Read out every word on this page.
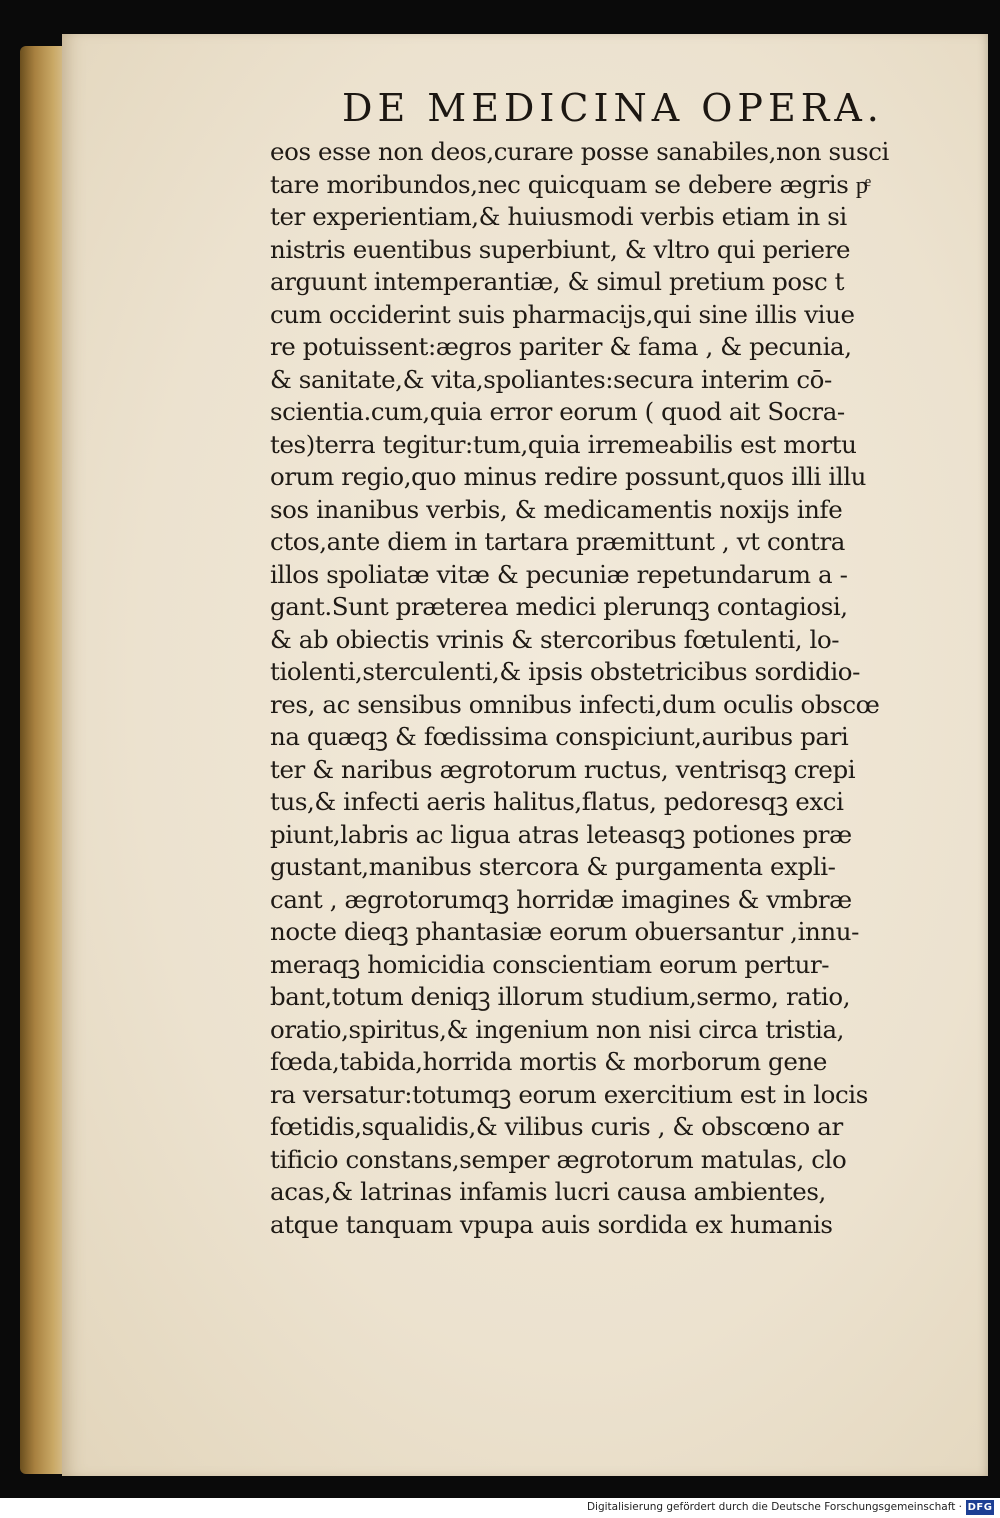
DE MEDICINA OPERA.
eos esse non deos,curare posse sanabiles,non susci
tare moribundos,nec quicquam se debere ægris pͤ
ter experientiam,& huiusmodi verbis etiam in si
nistris euentibus superbiunt, & vltro qui periere
arguunt intemperantiæ, & simul pretium posc t
cum occiderint suis pharmacijs,qui sine illis viue
re potuissent:ægros pariter & fama , & pecunia,
& sanitate,& vita,spoliantes:secura interim cō-
scientia.cum,quia error eorum ( quod ait Socra-
tes)terra tegitur:tum,quia irremeabilis est mortu
orum regio,quo minus redire possunt,quos illi illu
sos inanibus verbis, & medicamentis noxijs infe
ctos,ante diem in tartara præmittunt , vt contra
illos spoliatæ vitæ & pecuniæ repetundarum a -
gant.Sunt præterea medici plerunqꝫ contagiosi,
& ab obiectis vrinis & stercoribus fœtulenti, lo-
tiolenti,sterculenti,& ipsis obstetricibus sordidio-
res, ac sensibus omnibus infecti,dum oculis obscœ
na quæqꝫ & fœdissima conspiciunt,auribus pari
ter & naribus ægrotorum ructus, ventrisqꝫ crepi
tus,& infecti aeris halitus,flatus, pedoresqꝫ exci
piunt,labris ac ligua atras leteasqꝫ potiones præ
gustant,manibus stercora & purgamenta expli-
cant , ægrotorumqꝫ horridæ imagines & vmbræ
nocte dieqꝫ phantasiæ eorum obuersantur ,innu-
meraqꝫ homicidia conscientiam eorum pertur-
bant,totum deniqꝫ illorum studium,sermo, ratio,
oratio,spiritus,& ingenium non nisi circa tristia,
fœda,tabida,horrida mortis & morborum gene
ra versatur:totumqꝫ eorum exercitium est in locis
fœtidis,squalidis,& vilibus curis , & obscœno ar
tificio constans,semper ægrotorum matulas, clo
acas,& latrinas infamis lucri causa ambientes,
atque tanquam vpupa auis sordida ex humanis
Digitalisierung gefördert durch die Deutsche Forschungsgemeinschaft · DFG
